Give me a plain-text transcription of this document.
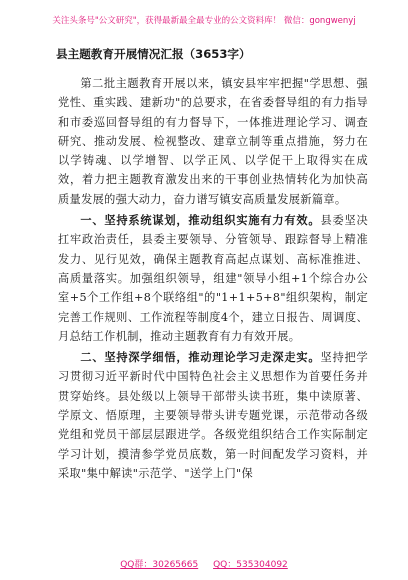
关注头条号"公文研究"，获得最新最全最专业的公文资料库！ 微信：gongwenyj
县主题教育开展情况汇报（3653字）

第二批主题教育开展以来，镇安县牢牢把握"学思想、强党性、重实践、建新功"的总要求，在省委督导组的有力指导和市委巡回督导组的有力督导下，一体推进理论学习、调查研究、推动发展、检视整改、建章立制等重点措施，努力在以学铸魂、以学增智、以学正风、以学促干上取得实在成效，着力把主题教育激发出来的干事创业热情转化为加快高质量发展的强大动力，奋力谱写镇安高质量发展新篇章。

一、坚持系统谋划，推动组织实施有力有效。县委坚决扛牢政治责任，县委主要领导、分管领导、跟踪督导上精准发力、见行见效，确保主题教育高起点谋划、高标准推进、高质量落实。加强组织领导，组建"领导小组+1个综合办公室+5个工作组+8个联络组"的"1+1+5+8"组织架构，制定完善工作规则、工作流程等制度4个，建立日报告、周调度、月总结工作机制，推动主题教育有力有效开展。

二、坚持深学细悟，推动理论学习走深走实。坚持把学习贯彻习近平新时代中国特色社会主义思想作为首要任务并贯穿始终。县处级以上领导干部带头读书班，集中读原著、学原文、悟原理，主要领导带头讲专题党课，示范带动各级党组和党员干部层层跟进学。各级党组织结合工作实际制定学习计划，摸清参学党员底数，第一时间配发学习资料，并采取"集中解读"示范学、"送学上门"保

QQ群：30265665 QQ：535304092
